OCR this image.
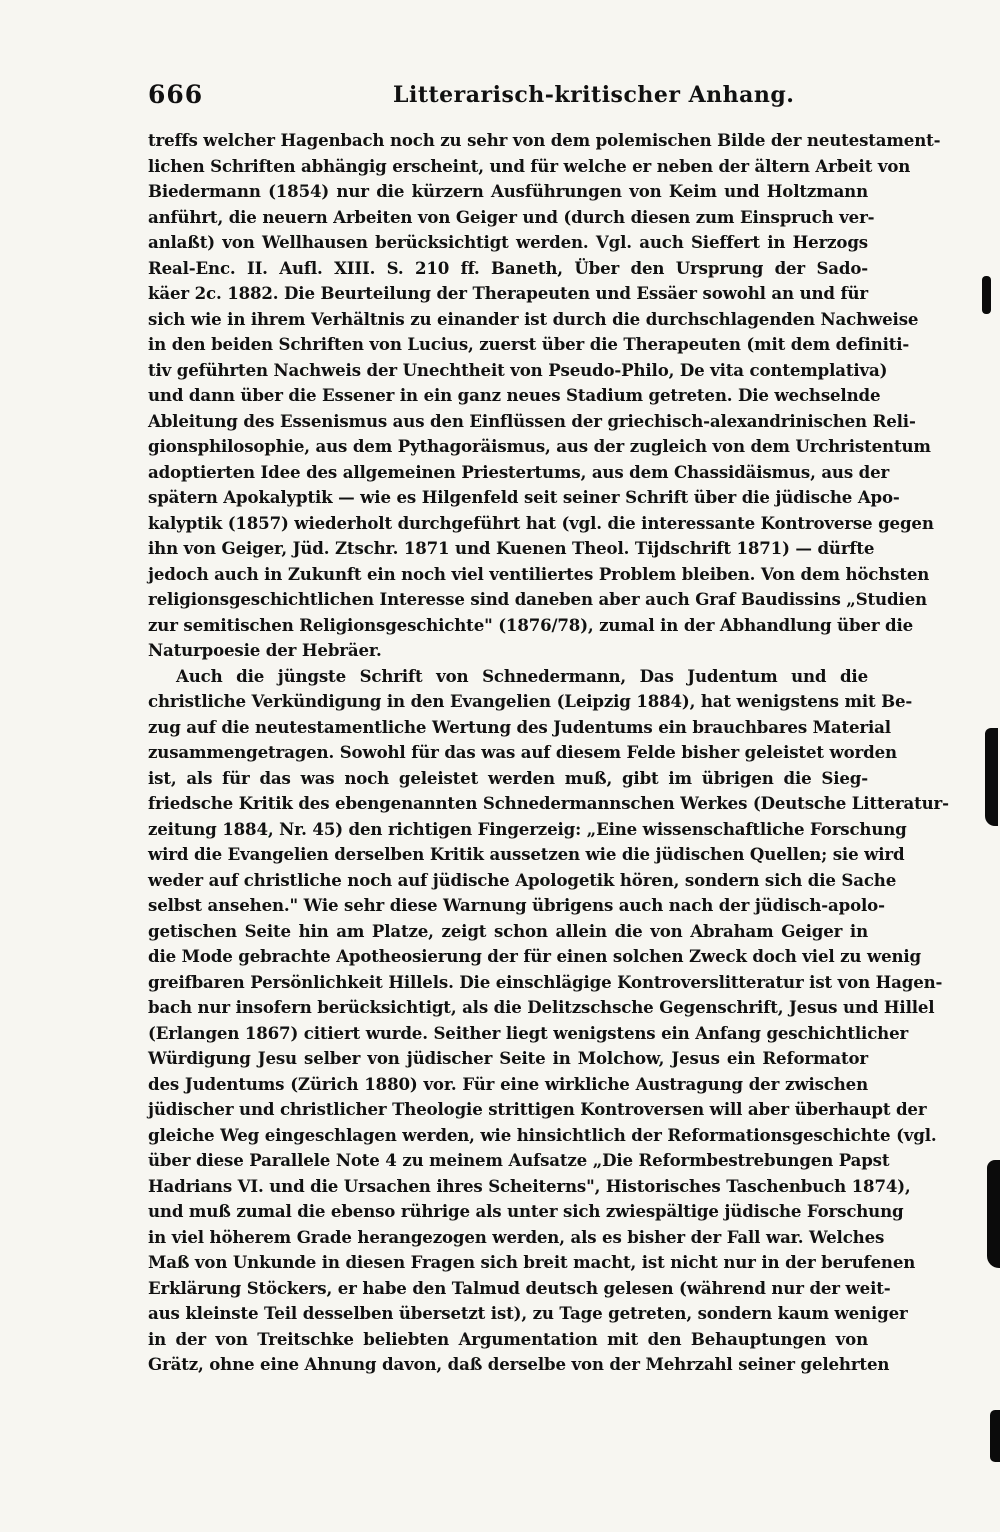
666	Litterarisch-kritischer Anhang.
treffs welcher Hagenbach noch zu sehr von dem polemischen Bilde der neutestament-
lichen Schriften abhängig erscheint, und für welche er neben der ältern Arbeit von
Biedermann (1854) nur die kürzern Ausführungen von Keim und Holtzmann
anführt, die neuern Arbeiten von Geiger und (durch diesen zum Einspruch ver-
anlaßt) von Wellhausen berücksichtigt werden. Vgl. auch Sieffert in Herzogs
Real-Enc. II. Aufl. XIII. S. 210 ff. Baneth, Über den Ursprung der Sado-
käer 2c. 1882. Die Beurteilung der Therapeuten und Essäer sowohl an und für
sich wie in ihrem Verhältnis zu einander ist durch die durchschlagenden Nachweise
in den beiden Schriften von Lucius, zuerst über die Therapeuten (mit dem definiti-
tiv geführten Nachweis der Unechtheit von Pseudo-Philo, De vita contemplativa)
und dann über die Essener in ein ganz neues Stadium getreten. Die wechselnde
Ableitung des Essenismus aus den Einflüssen der griechisch-alexandrinischen Reli-
gionsphilosophie, aus dem Pythagoräismus, aus der zugleich von dem Urchristentum
adoptierten Idee des allgemeinen Priestertums, aus dem Chassidäismus, aus der
spätern Apokalyptik — wie es Hilgenfeld seit seiner Schrift über die jüdische Apo-
kalyptik (1857) wiederholt durchgeführt hat (vgl. die interessante Kontroverse gegen
ihn von Geiger, Jüd. Ztschr. 1871 und Kuenen Theol. Tijdschrift 1871) — dürfte
jedoch auch in Zukunft ein noch viel ventiliertes Problem bleiben. Von dem höchsten
religionsgeschichtlichen Interesse sind daneben aber auch Graf Baudissins „Studien
zur semitischen Religionsgeschichte" (1876/78), zumal in der Abhandlung über die
Naturpoesie der Hebräer.
Auch die jüngste Schrift von Schnedermann, Das Judentum und die
christliche Verkündigung in den Evangelien (Leipzig 1884), hat wenigstens mit Be-
zug auf die neutestamentliche Wertung des Judentums ein brauchbares Material
zusammengetragen. Sowohl für das was auf diesem Felde bisher geleistet worden
ist, als für das was noch geleistet werden muß, gibt im übrigen die Sieg-
friedsche Kritik des ebengenannten Schnedermannschen Werkes (Deutsche Litteratur-
zeitung 1884, Nr. 45) den richtigen Fingerzeig: „Eine wissenschaftliche Forschung
wird die Evangelien derselben Kritik aussetzen wie die jüdischen Quellen; sie wird
weder auf christliche noch auf jüdische Apologetik hören, sondern sich die Sache
selbst ansehen." Wie sehr diese Warnung übrigens auch nach der jüdisch-apolo-
getischen Seite hin am Platze, zeigt schon allein die von Abraham Geiger in
die Mode gebrachte Apotheosierung der für einen solchen Zweck doch viel zu wenig
greifbaren Persönlichkeit Hillels. Die einschlägige Kontroverslitteratur ist von Hagen-
bach nur insofern berücksichtigt, als die Delitzschsche Gegenschrift, Jesus und Hillel
(Erlangen 1867) citiert wurde. Seither liegt wenigstens ein Anfang geschichtlicher
Würdigung Jesu selber von jüdischer Seite in Molchow, Jesus ein Reformator
des Judentums (Zürich 1880) vor. Für eine wirkliche Austragung der zwischen
jüdischer und christlicher Theologie strittigen Kontroversen will aber überhaupt der
gleiche Weg eingeschlagen werden, wie hinsichtlich der Reformationsgeschichte (vgl.
über diese Parallele Note 4 zu meinem Aufsatze „Die Reformbestrebungen Papst
Hadrians VI. und die Ursachen ihres Scheiterns", Historisches Taschenbuch 1874),
und muß zumal die ebenso rührige als unter sich zwiespältige jüdische Forschung
in viel höherem Grade herangezogen werden, als es bisher der Fall war. Welches
Maß von Unkunde in diesen Fragen sich breit macht, ist nicht nur in der berufenen
Erklärung Stöckers, er habe den Talmud deutsch gelesen (während nur der weit-
aus kleinste Teil desselben übersetzt ist), zu Tage getreten, sondern kaum weniger
in der von Treitschke beliebten Argumentation mit den Behauptungen von
Grätz, ohne eine Ahnung davon, daß derselbe von der Mehrzahl seiner gelehrten
